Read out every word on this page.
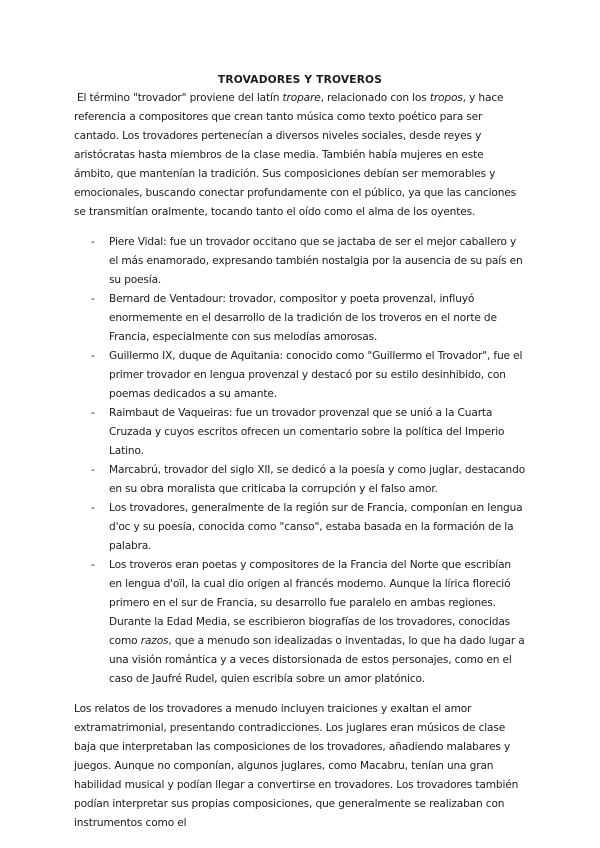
TROVADORES Y TROVEROS

El término "trovador" proviene del latín tropare, relacionado con los tropos, y hace referencia a compositores que crean tanto música como texto poético para ser cantado. Los trovadores pertenecían a diversos niveles sociales, desde reyes y aristócratas hasta miembros de la clase media. También había mujeres en este ámbito, que mantenían la tradición. Sus composiciones debían ser memorables y emocionales, buscando conectar profundamente con el público, ya que las canciones se transmitían oralmente, tocando tanto el oído como el alma de los oyentes.

- Piere Vidal: fue un trovador occitano que se jactaba de ser el mejor caballero y el más enamorado, expresando también nostalgia por la ausencia de su país en su poesía.
- Bernard de Ventadour: trovador, compositor y poeta provenzal, influyó enormemente en el desarrollo de la tradición de los troveros en el norte de Francia, especialmente con sus melodías amorosas.
- Guillermo IX, duque de Aquitania: conocido como "Guillermo el Trovador", fue el primer trovador en lengua provenzal y destacó por su estilo desinhibido, con poemas dedicados a su amante.
- Raimbaut de Vaqueiras: fue un trovador provenzal que se unió a la Cuarta Cruzada y cuyos escritos ofrecen un comentario sobre la política del Imperio Latino.
- Marcabrú, trovador del siglo XII, se dedicó a la poesía y como juglar, destacando en su obra moralista que criticaba la corrupción y el falso amor.
- Los trovadores, generalmente de la región sur de Francia, componían en lengua d'oc y su poesía, conocida como "canso", estaba basada en la formación de la palabra.
- Los troveros eran poetas y compositores de la Francia del Norte que escribían en lengua d'oïl, la cual dio origen al francés moderno. Aunque la lírica floreció primero en el sur de Francia, su desarrollo fue paralelo en ambas regiones. Durante la Edad Media, se escribieron biografías de los trovadores, conocidas como razos, que a menudo son idealizadas o inventadas, lo que ha dado lugar a una visión romántica y a veces distorsionada de estos personajes, como en el caso de Jaufré Rudel, quien escribía sobre un amor platónico.

Los relatos de los trovadores a menudo incluyen traiciones y exaltan el amor extramatrimonial, presentando contradicciones. Los juglares eran músicos de clase baja que interpretaban las composiciones de los trovadores, añadiendo malabares y juegos. Aunque no componían, algunos juglares, como Macabru, tenían una gran habilidad musical y podían llegar a convertirse en trovadores. Los trovadores también podían interpretar sus propias composiciones, que generalmente se realizaban con instrumentos como el
